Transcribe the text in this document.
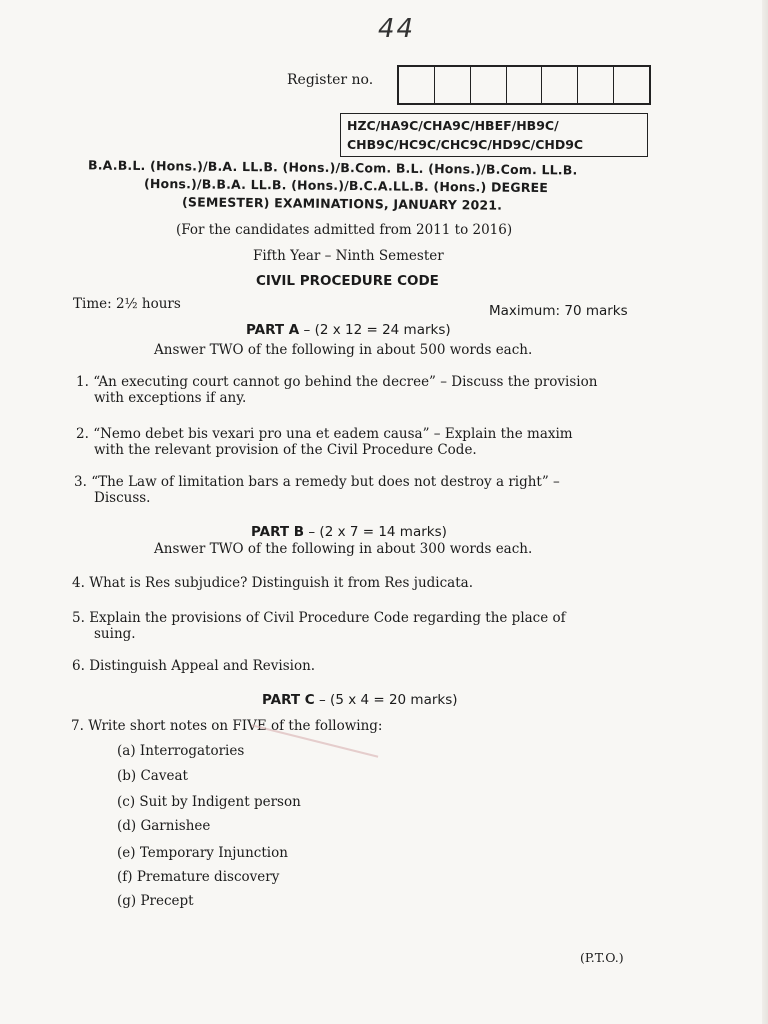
44
Register no.
HZC/HA9C/CHA9C/HBEF/HB9C/
CHB9C/HC9C/CHC9C/HD9C/CHD9C
B.A.B.L. (Hons.)/B.A. LL.B. (Hons.)/B.Com. B.L. (Hons.)/B.Com. LL.B.
(Hons.)/B.B.A. LL.B. (Hons.)/B.C.A.LL.B. (Hons.) DEGREE
(SEMESTER) EXAMINATIONS, JANUARY 2021.
(For the candidates admitted from 2011 to 2016)
Fifth Year – Ninth Semester
CIVIL PROCEDURE CODE
Time: 2½ hours	Maximum: 70 marks
PART A – (2 x 12 = 24 marks)
Answer TWO of the following in about 500 words each.
1. “An executing court cannot go behind the decree” – Discuss the provision
with exceptions if any.
2. “Nemo debet bis vexari pro una et eadem causa” – Explain the maxim
with the relevant provision of the Civil Procedure Code.
3. “The Law of limitation bars a remedy but does not destroy a right” –
Discuss.
PART B – (2 x 7 = 14 marks)
Answer TWO of the following in about 300 words each.
4. What is Res subjudice? Distinguish it from Res judicata.
5. Explain the provisions of Civil Procedure Code regarding the place of
suing.
6. Distinguish Appeal and Revision.
PART C – (5 x 4 = 20 marks)
7. Write short notes on FIVE of the following:
(a) Interrogatories
(b) Caveat
(c) Suit by Indigent person
(d) Garnishee
(e) Temporary Injunction
(f) Premature discovery
(g) Precept
(P.T.O.)
